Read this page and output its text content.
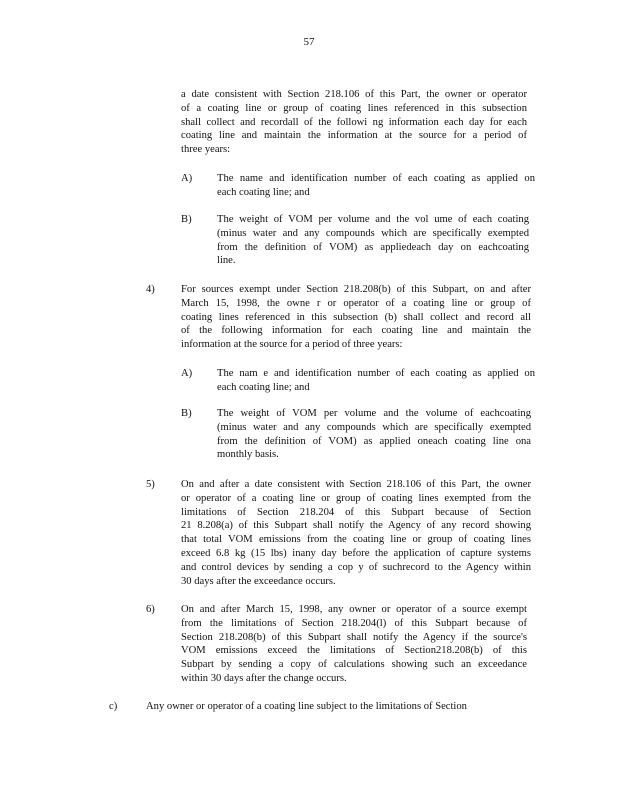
57
a date consistent with Section 218.106 of this Part, the owner or operator
of a coating line or group of coating lines referenced in this subsection
shall collect and recordall of the followi ng information each day for each
coating line and maintain the information at the source for a period of
three years:
A) The name and identification number of each coating as applied on
each coating line; and
B) The weight of VOM per volume and the vol ume of each coating
(minus water and any compounds which are specifically exempted
from the definition of VOM) as appliedeach day on eachcoating
line.
4) For sources exempt under Section 218.208(b) of this Subpart, on and after
March 15, 1998, the owne r or operator of a coating line or group of
coating lines referenced in this subsection (b) shall collect and record all
of the following information for each coating line and maintain the
information at the source for a period of three years:
A) The nam e and identification number of each coating as applied on
each coating line; and
B) The weight of VOM per volume and the volume of eachcoating
(minus water and any compounds which are specifically exempted
from the definition of VOM) as applied oneach coating line ona
monthly basis.
5) On and after a date consistent with Section 218.106 of this Part, the owner
or operator of a coating line or group of coating lines exempted from the
limitations of Section 218.204 of this Subpart because of Section
21 8.208(a) of this Subpart shall notify the Agency of any record showing
that total VOM emissions from the coating line or group of coating lines
exceed 6.8 kg (15 lbs) inany day before the application of capture systems
and control devices by sending a cop y of suchrecord to the Agency within
30 days after the exceedance occurs.
6) On and after March 15, 1998, any owner or operator of a source exempt
from the limitations of Section 218.204(l) of this Subpart because of
Section 218.208(b) of this Subpart shall notify the Agency if the source's
VOM emissions exceed the limitations of Section218.208(b) of this
Subpart by sending a copy of calculations showing such an exceedance
within 30 days after the change occurs.
c)	Any owner or operator of a coating line subject to the limitations of Section
